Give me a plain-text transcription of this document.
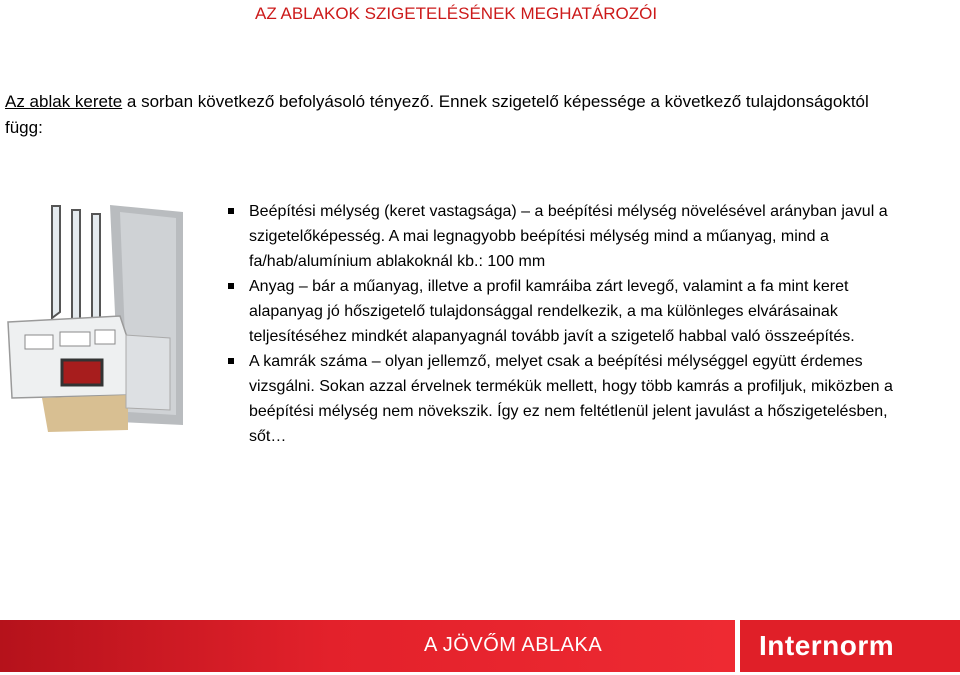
AZ ABLAKOK SZIGETELÉSÉNEK MEGHATÁROZÓI
Az ablak kerete a sorban következő befolyásoló tényező. Ennek szigetelő képessége a következő tulajdonságoktól függ:
Beépítési mélység (keret vastagsága) – a beépítési mélység növelésével arányban javul a szigetelőképesség. A mai legnagyobb beépítési mélység mind a műanyag, mind a fa/hab/alumínium ablakoknál kb.: 100 mm
Anyag – bár a műanyag, illetve a profil kamráiba zárt levegő, valamint a fa mint keret alapanyag jó hőszigetelő tulajdonsággal rendelkezik, a ma különleges elvárásainak teljesítéséhez mindkét alapanyagnál tovább javít a szigetelő habbal való összeépítés.
A kamrák száma – olyan jellemző, melyet csak a beépítési mélységgel együtt érdemes vizsgálni. Sokan azzal érvelnek termékük mellett, hogy több kamrás a profiljuk, miközben a beépítési mélység nem növekszik. Így ez nem feltétlenül jelent javulást a hőszigetelésben, sőt…
A JÖVŐM ABLAKA	Internorm
